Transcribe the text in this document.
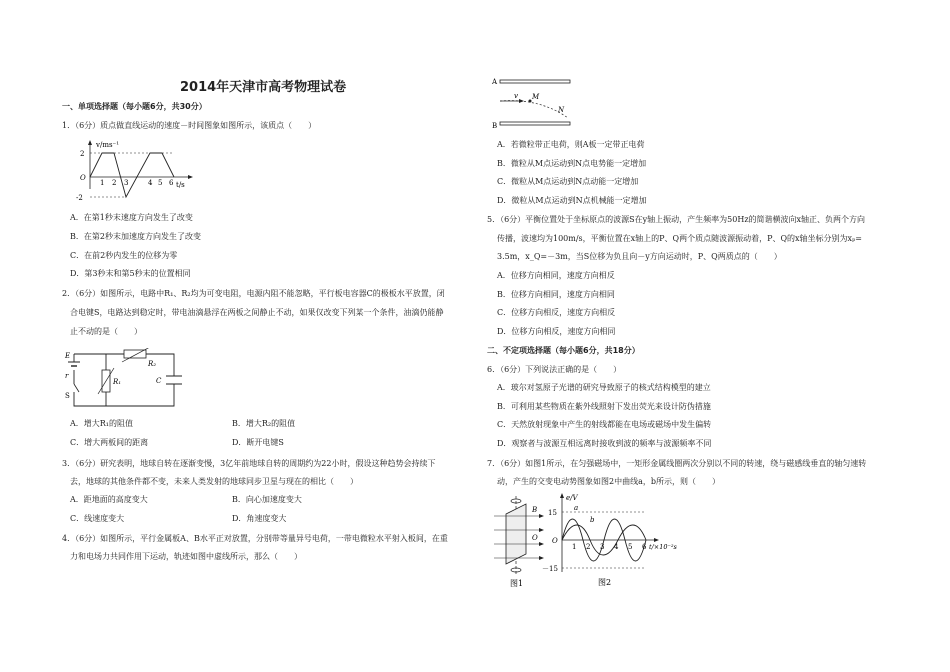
2014年天津市高考物理试卷
一、单项选择题（每小题6分，共30分）
1．（6分）质点做直线运动的速度－时间图象如图所示，该质点（　　）
v/ms⁻¹
t/s
2
-2
O
1 2 3	4 5 6
A．在第1秒末速度方向发生了改变
B．在第2秒末加速度方向发生了改变
C．在前2秒内发生的位移为零
D．第3秒末和第5秒末的位置相同
2．（6分）如图所示，电路中R₁、R₂均为可变电阻，电源内阻不能忽略，平行板电容器C的极板水平放置，闭
合电键S，电路达到稳定时，带电油滴悬浮在两板之间静止不动，如果仅改变下列某一个条件，油滴仍能静
止不动的是（　　）
E
r
S
R₂
R₁	C
A．增大R₁的阻值	B．增大R₂的阻值
C．增大两板间的距离	D．断开电键S
3．（6分）研究表明，地球自转在逐渐变慢，3亿年前地球自转的周期约为22小时，假设这种趋势会持续下
去，地球的其他条件都不变，未来人类发射的地球同步卫星与现在的相比（　　）
A．距地面的高度变大	B．向心加速度变大
C．线速度变大	D．角速度变大
4．（6分）如图所示，平行金属板A、B水平正对放置，分别带等量异号电荷，一带电微粒水平射入板间，在重
力和电场力共同作用下运动，轨迹如图中虚线所示，那么（　　）
A
B
v M
N
A．若微粒带正电荷，则A板一定带正电荷
B．微粒从M点运动到N点电势能一定增加
C．微粒从M点运动到N点动能一定增加
D．微粒从M点运动到N点机械能一定增加
5．（6分）平衡位置处于坐标原点的波源S在y轴上振动，产生频率为50Hz的简谐横波向x轴正、负两个方向
传播，波速均为100m/s，平衡位置在x轴上的P、Q两个质点随波源振动着，P、Q的x轴坐标分别为xₚ=
3.5m，x_Q=－3m，当S位移为负且向－y方向运动时，P、Q两质点的（　　）
A．位移方向相同，速度方向相反
B．位移方向相同，速度方向相同
C．位移方向相反，速度方向相反
D．位移方向相反，速度方向相同
二、不定项选择题（每小题6分，共18分）
6．（6分）下列说法正确的是（　　）
A．玻尔对氢原子光谱的研究导致原子的核式结构模型的建立
B．可利用某些物质在紫外线照射下发出荧光来设计防伪措施
C．天然放射现象中产生的射线都能在电场或磁场中发生偏转
D．观察者与波源互相远离时接收到波的频率与波源频率不同
7．（6分）如图1所示，在匀强磁场中，一矩形金属线圈两次分别以不同的转速，绕与磁感线垂直的轴匀速转
动，产生的交变电动势图象如图2中曲线a，b所示，则（　　）
B
O
图1
e/V
15
－15
O
a
b
1 2 3 4 5 6 t/×10⁻²s
图2
